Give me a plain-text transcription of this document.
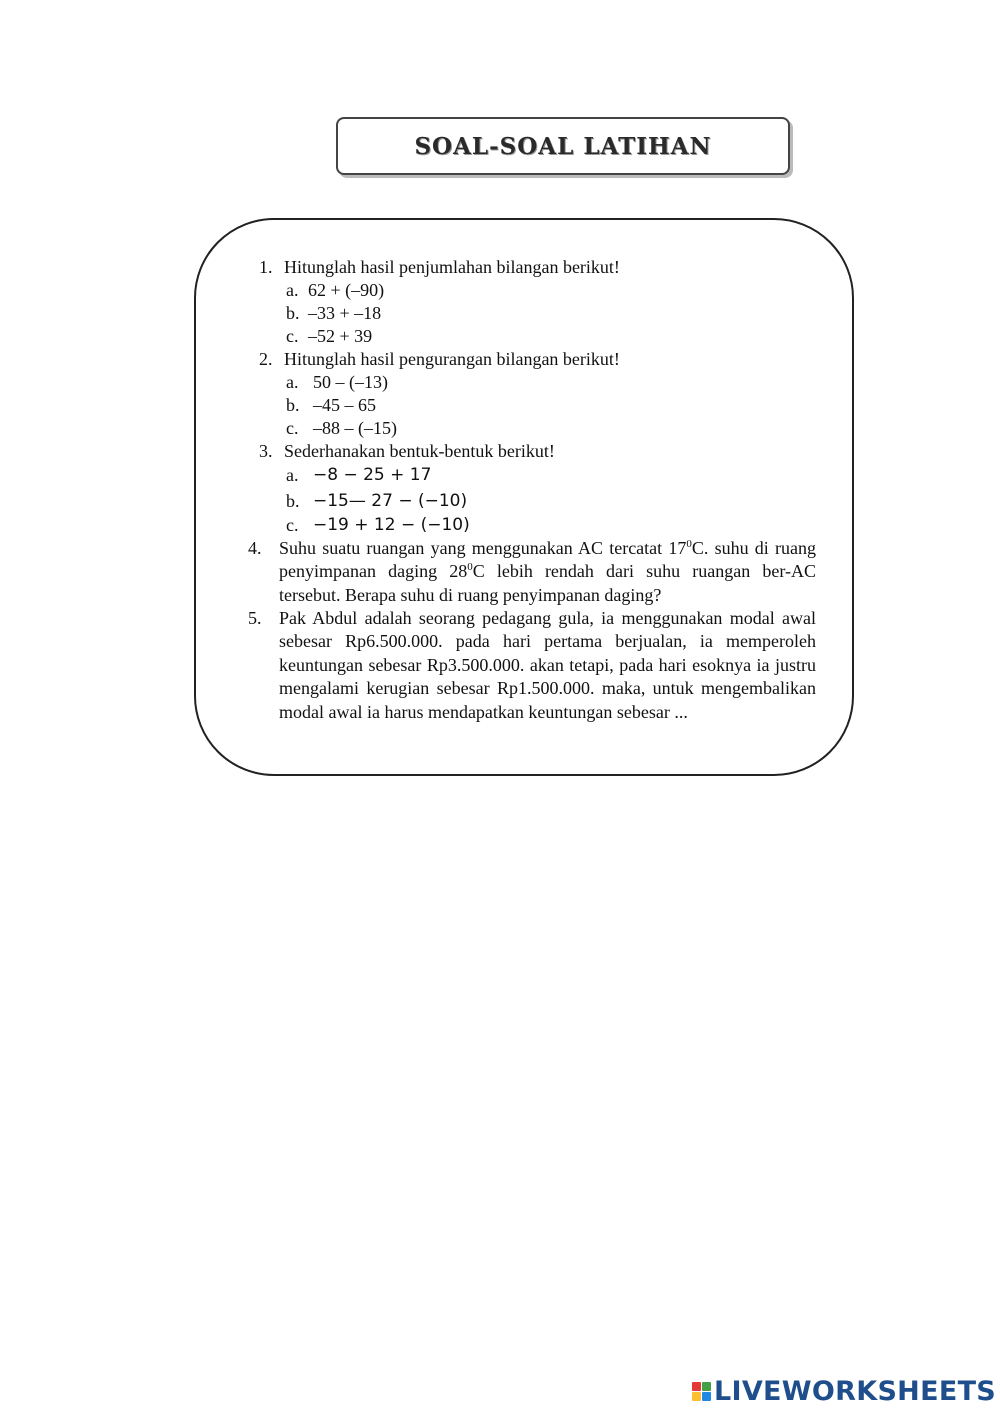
SOAL-SOAL LATIHAN
1. Hitunglah hasil penjumlahan bilangan berikut!
a. 62 + (–90)
b. –33 + –18
c. –52 + 39
2. Hitunglah hasil pengurangan bilangan berikut!
a. 50 – (–13)
b. –45 – 65
c. –88 – (–15)
3. Sederhanakan bentuk-bentuk berikut!
a. −8 − 25 + 17
b. −15— 27 − (−10)
c. −19 + 12 − (−10)
4. Suhu suatu ruangan yang menggunakan AC tercatat $17^0C$. suhu di ruang penyimpanan daging $28^0C$ lebih rendah dari suhu ruangan ber-AC tersebut. Berapa suhu di ruang penyimpanan daging?
5. Pak Abdul adalah seorang pedagang gula, ia menggunakan modal awal sebesar Rp6.500.000. pada hari pertama berjualan, ia memperoleh keuntungan sebesar Rp3.500.000. akan tetapi, pada hari esoknya ia justru mengalami kerugian sebesar Rp1.500.000. maka, untuk mengembalikan modal awal ia harus mendapatkan keuntungan sebesar ...
LIVEWORKSHEETS
